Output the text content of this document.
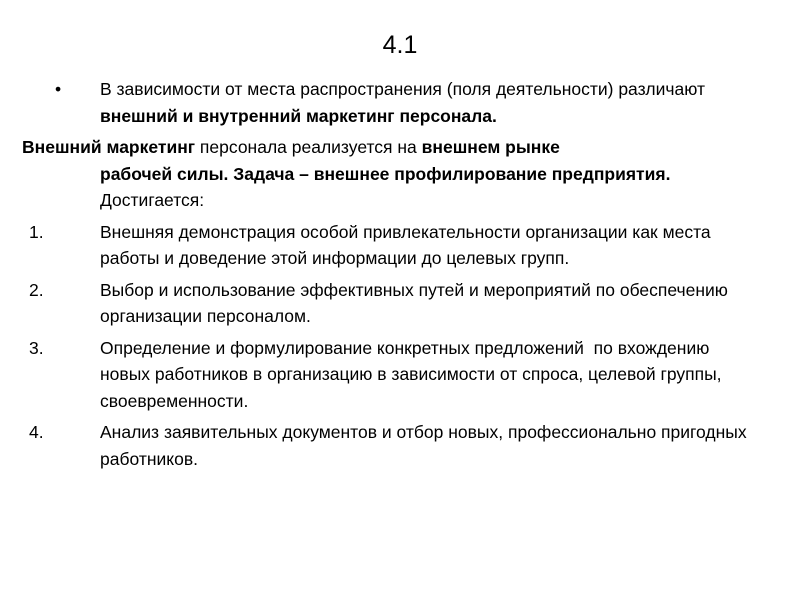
4.1
• В зависимости от места распространения (поля деятельности) различают внешний и внутренний маркетинг персонала.
Внешний маркетинг персонала реализуется на внешнем рынке
рабочей силы. Задача – внешнее профилирование предприятия. Достигается:
1.	Внешняя демонстрация особой привлекательности организации как места работы и доведение этой информации до целевых групп.
2.	Выбор и использование эффективных путей и мероприятий по обеспечению организации персоналом.
3.	Определение и формулирование конкретных предложений  по вхождению новых работников в организацию в зависимости от спроса, целевой группы, своевременности.
4.	Анализ заявительных документов и отбор новых, профессионально пригодных работников.
